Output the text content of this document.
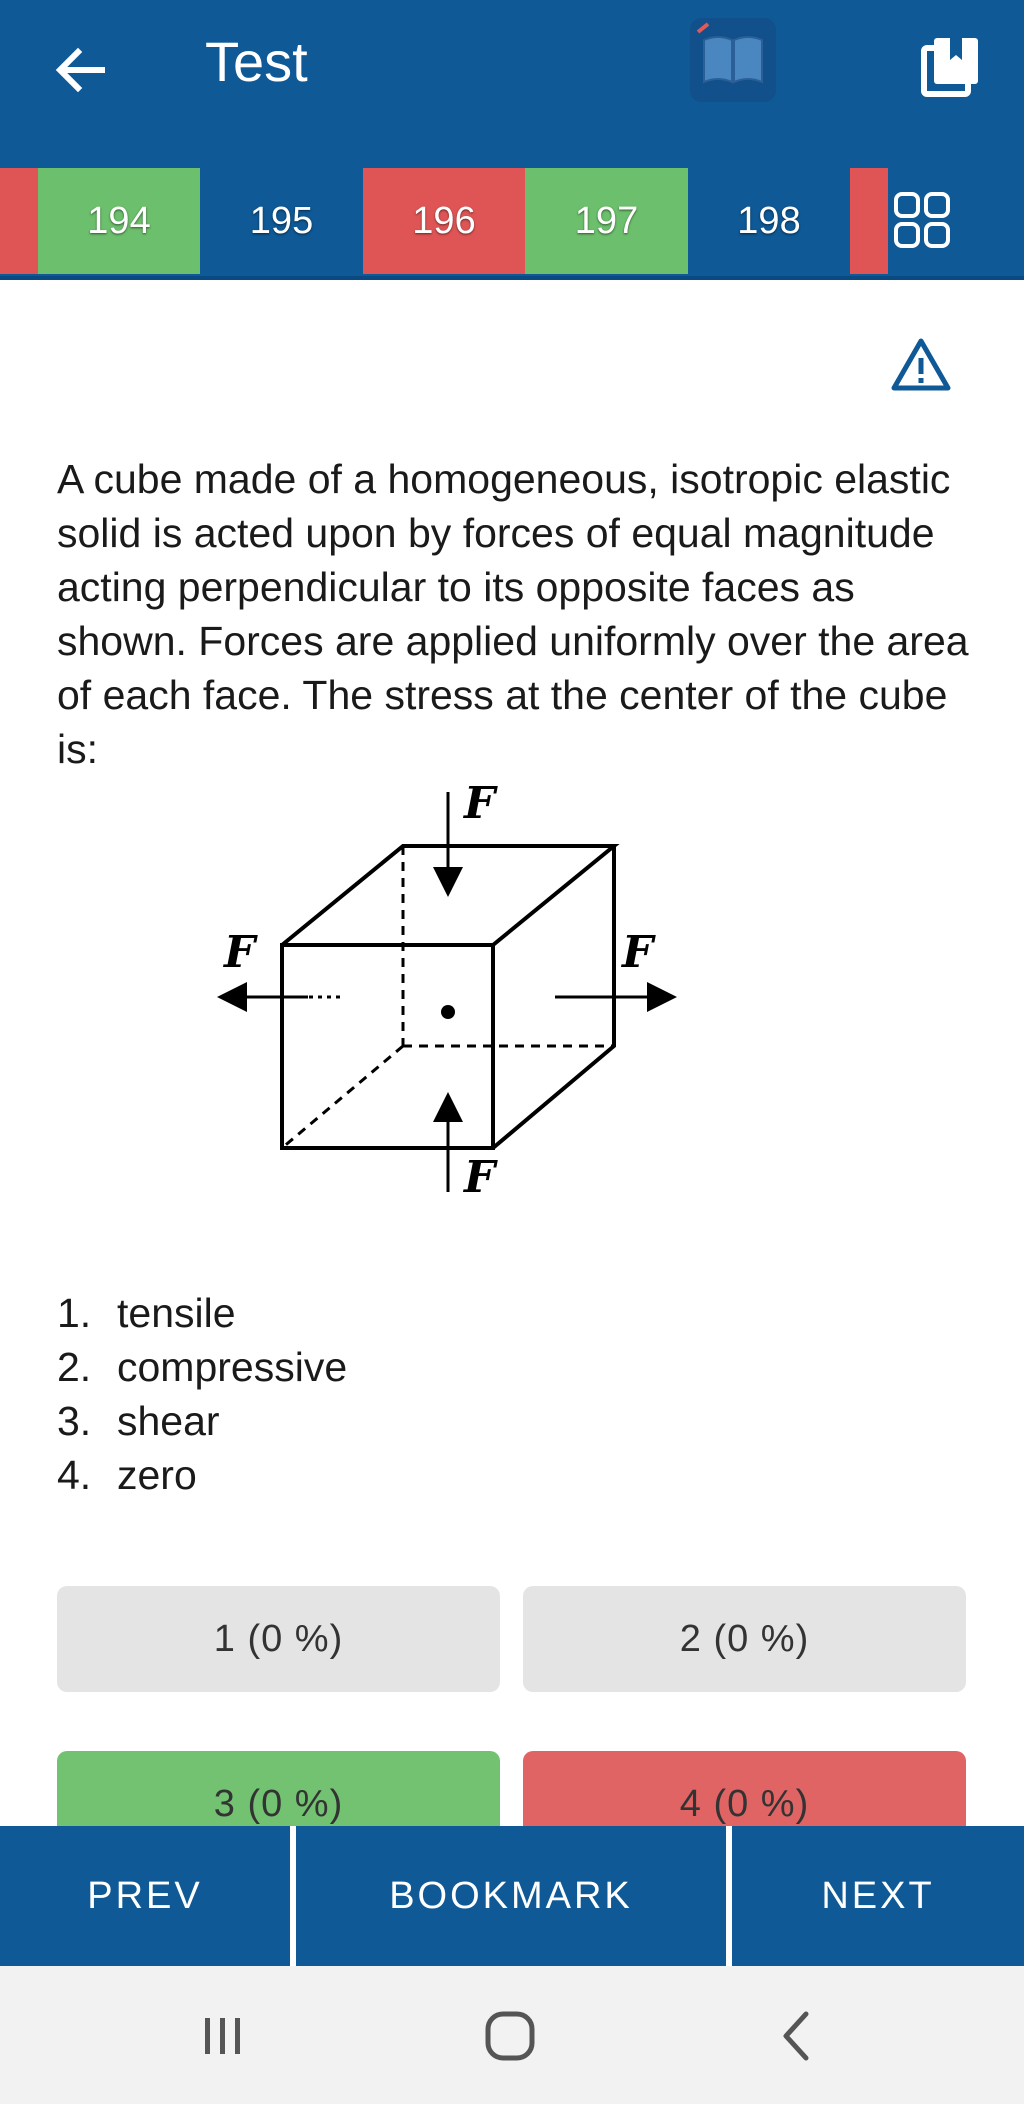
Test
194	195	196	197	198
A cube made of a homogeneous, isotropic elastic solid is acted upon by forces of equal magnitude acting perpendicular to its opposite faces as shown. Forces are applied uniformly over the area of each face. The stress at the center of the cube is:
F
F	F
F
1. tensile
2. compressive
3. shear
4. zero
1 (0 %)	2 (0 %)
3 (0 %)	4 (0 %)
PREV	BOOKMARK	NEXT
